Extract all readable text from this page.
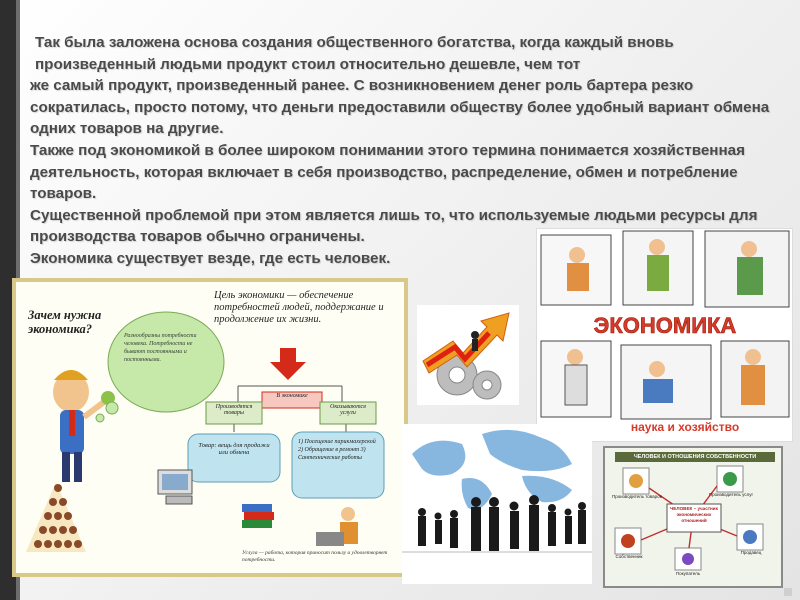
Так была заложена основа создания общественного богатства, когда каждый вновь произведенный людьми продукт стоил относительно дешевле, чем тот

же самый продукт, произведенный ранее. С возникновением денег роль бартера резко сократилась, просто потому, что деньги предоставили обществу более удобный вариант обмена одних товаров на другие.

Также под экономикой в более широком понимании этого термина понимается хозяйственная деятельность, которая включает в себя производство, распределение, обмен и потребление товаров.

Существенной проблемой при этом является лишь то, что используемые людьми ресурсы для производства товаров обычно ограничены.

Экономика существует везде, где есть человек.

Разнообразны потребности человека. Потребности не бывают постоянными и постоянными.
Зачем нужна экономика?
Цель экономики — обеспечение потребностей людей, поддержание и продолжение их жизни.
В экономике
Производятся товары
Оказываются услуги
Товар: вещь для продажи или обмена
1) Посещение парикмахерской 2) Обращение в ремонт 3) Сантехнические работы
Услуга — работа, которая приносит пользу и удовлетворяет потребности.
ЭКОНОМИКА
наука и хозяйство
ЧЕЛОВЕК И ОТНОШЕНИЯ СОБСТВЕННОСТИ
ЧЕЛОВЕК – участник экономических отношений
Производитель товаров	Производитель услуг
Собственник
Продавец
Покупатель
